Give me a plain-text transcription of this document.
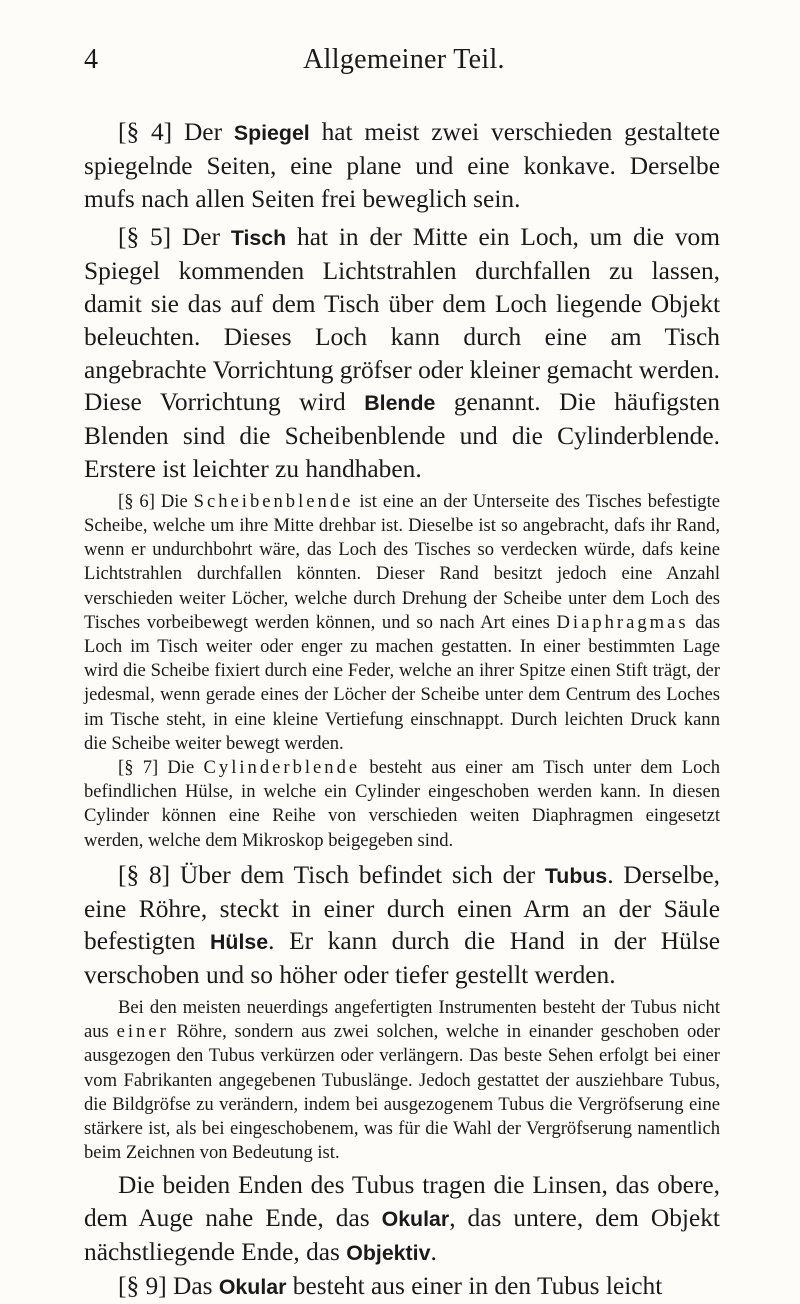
4	Allgemeiner Teil.

[§ 4] Der Spiegel hat meist zwei verschieden gestaltete spiegelnde Seiten, eine plane und eine konkave. Derselbe mufs nach allen Seiten frei beweglich sein.

[§ 5] Der Tisch hat in der Mitte ein Loch, um die vom Spiegel kommenden Lichtstrahlen durchfallen zu lassen, damit sie das auf dem Tisch über dem Loch liegende Objekt beleuchten. Dieses Loch kann durch eine am Tisch angebrachte Vorrichtung gröfser oder kleiner gemacht werden. Diese Vorrichtung wird Blende genannt. Die häufigsten Blenden sind die Scheibenblende und die Cylinderblende. Erstere ist leichter zu handhaben.

[§ 6] Die Scheibenblende ist eine an der Unterseite des Tisches befestigte Scheibe, welche um ihre Mitte drehbar ist. Dieselbe ist so angebracht, dafs ihr Rand, wenn er undurchbohrt wäre, das Loch des Tisches so verdecken würde, dafs keine Lichtstrahlen durchfallen könnten. Dieser Rand besitzt jedoch eine Anzahl verschieden weiter Löcher, welche durch Drehung der Scheibe unter dem Loch des Tisches vorbeibewegt werden können, und so nach Art eines Diaphragmas das Loch im Tisch weiter oder enger zu machen gestatten. In einer bestimmten Lage wird die Scheibe fixiert durch eine Feder, welche an ihrer Spitze einen Stift trägt, der jedesmal, wenn gerade eines der Löcher der Scheibe unter dem Centrum des Loches im Tische steht, in eine kleine Vertiefung einschnappt. Durch leichten Druck kann die Scheibe weiter bewegt werden.

[§ 7] Die Cylinderblende besteht aus einer am Tisch unter dem Loch befindlichen Hülse, in welche ein Cylinder eingeschoben werden kann. In diesen Cylinder können eine Reihe von verschieden weiten Diaphragmen eingesetzt werden, welche dem Mikroskop beigegeben sind.

[§ 8] Über dem Tisch befindet sich der Tubus. Derselbe, eine Röhre, steckt in einer durch einen Arm an der Säule befestigten Hülse. Er kann durch die Hand in der Hülse verschoben und so höher oder tiefer gestellt werden.

Bei den meisten neuerdings angefertigten Instrumenten besteht der Tubus nicht aus einer Röhre, sondern aus zwei solchen, welche in einander geschoben oder ausgezogen den Tubus verkürzen oder verlängern. Das beste Sehen erfolgt bei einer vom Fabrikanten angegebenen Tubuslänge. Jedoch gestattet der ausziehbare Tubus, die Bildgröfse zu verändern, indem bei ausgezogenem Tubus die Vergröfserung eine stärkere ist, als bei eingeschobenem, was für die Wahl der Vergröfserung namentlich beim Zeichnen von Bedeutung ist.

Die beiden Enden des Tubus tragen die Linsen, das obere, dem Auge nahe Ende, das Okular, das untere, dem Objekt nächstliegende Ende, das Objektiv.

[§ 9] Das Okular besteht aus einer in den Tubus leicht
